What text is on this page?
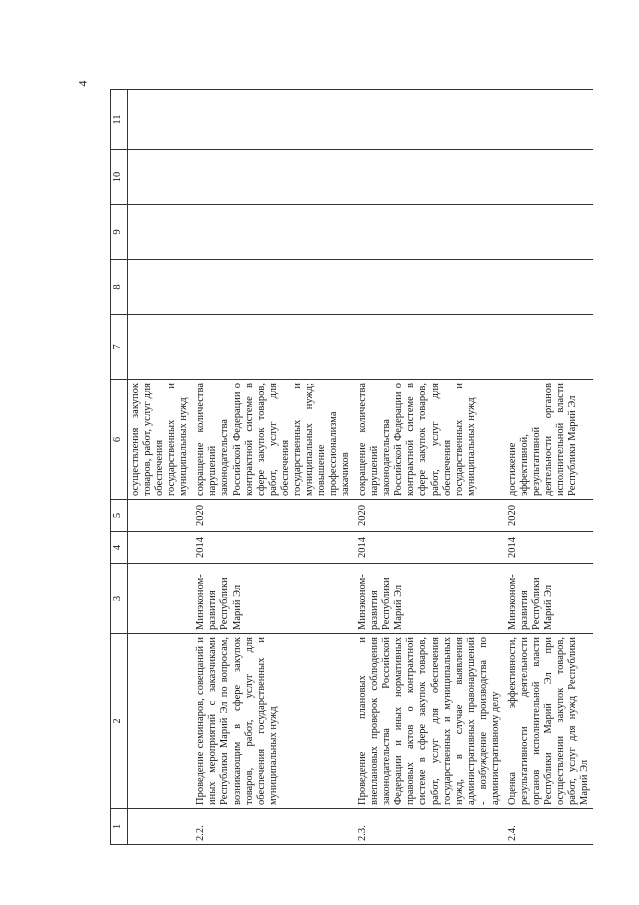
4
1	2	3	4	5	6	7	8	9	10	11
					осуществления закупок товаров, работ, услуг для обеспечения государственных и муниципальных нужд					
2.2.	Проведение семинаров, совещаний и иных мероприятий с заказчиками Республики Марий Эл по вопросам, возникающим в сфере закупок товаров, работ, услуг для обеспечения государственных и муниципальных нужд	Минэконом-развития Республики Марий Эл	2014	2020	сокращение количества нарушений законодательства Российской Федерации о контрактной системе в сфере закупок товаров, работ, услуг для обеспечения государственных и муниципальных нужд; повышение профессионализма закачиков					
2.3.	Проведение плановых и внеплановых проверок соблюдения законодательства Российской Федерации и иных нормативных правовых актов о контрактной системе в сфере закупок товаров, работ, услуг для обеспечения государственных и муниципальных нужд, в случае выявления административных правонарушений - возбуждение производства по административному делу	Минэконом-развития Республики Марий Эл	2014	2020	сокращение количества нарушений законодательства Российской Федерации о контрактной системе в сфере закупок товаров, работ, услуг для обеспечения государственных и муниципальных нужд					
2.4.	Оценка эффективности, результативности деятельности органов исполнительной власти Республики Марий Эл при осуществлении закупок товаров, работ, услуг для нужд Республики Марий Эл	Минэконом-развития Республики Марий Эл	2014	2020	достижение эффективной, результативной деятельности органов исполнительной власти Республики Марий Эл					
